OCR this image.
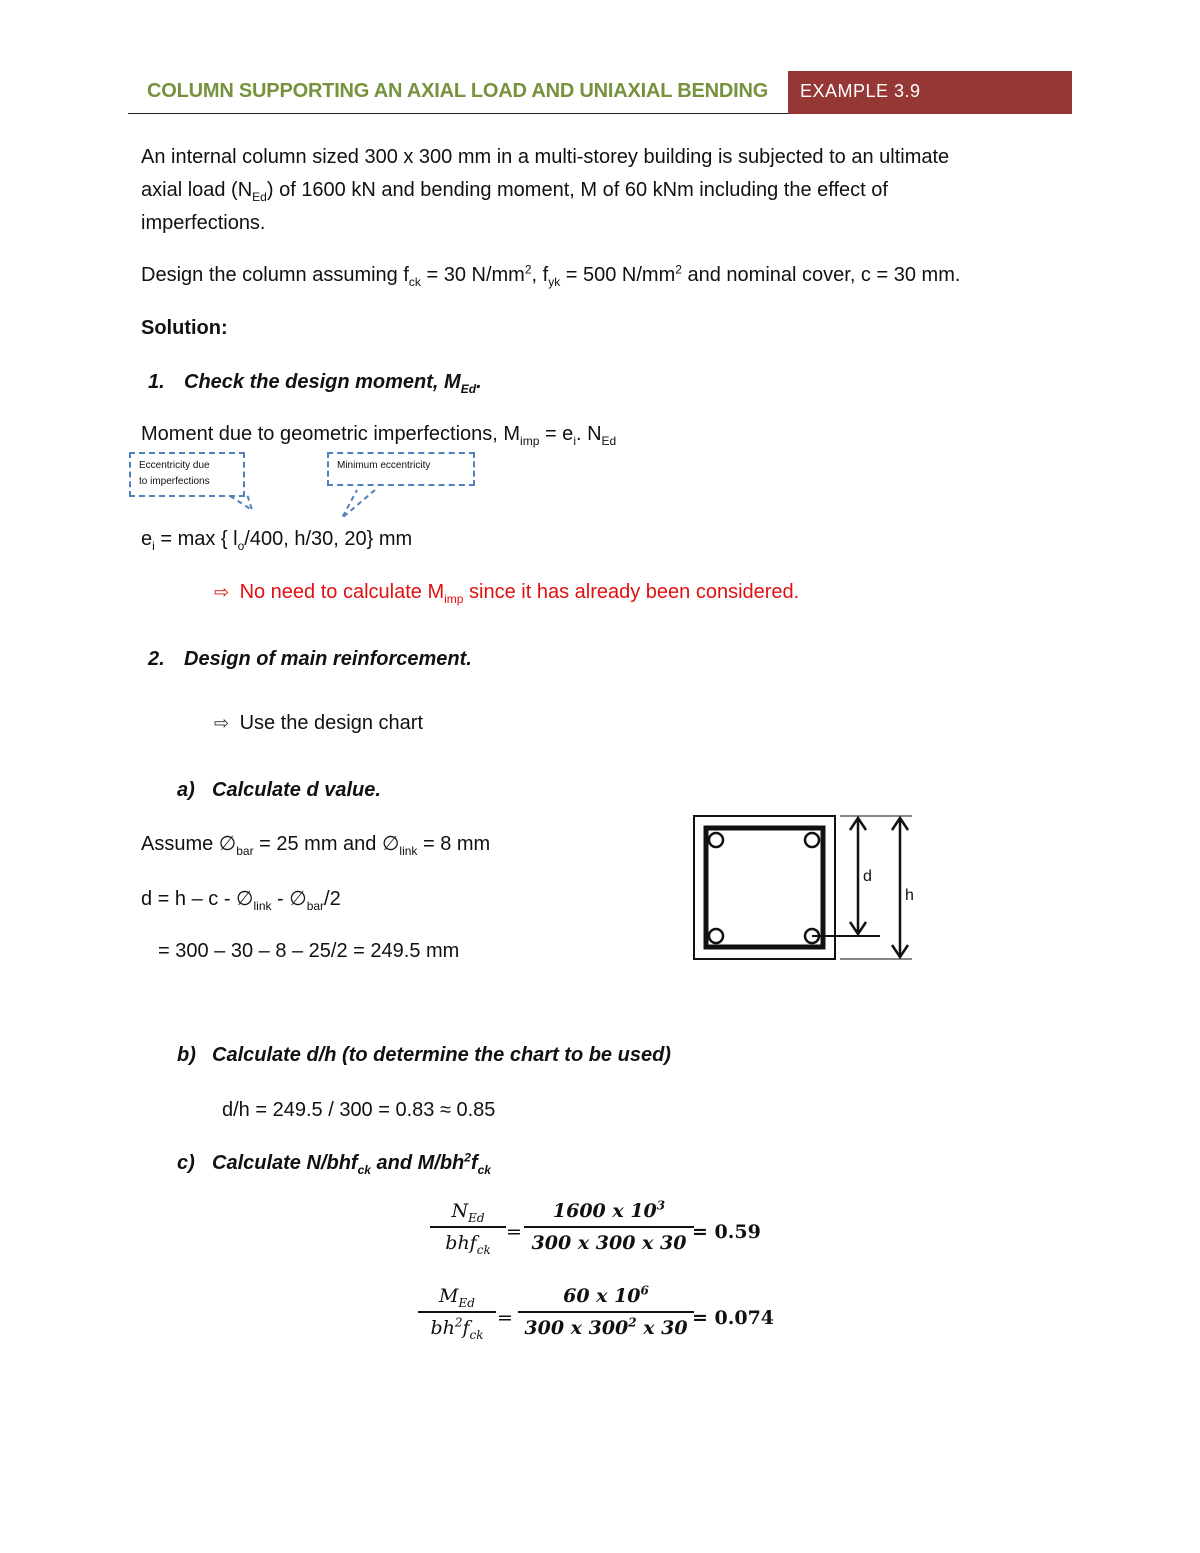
COLUMN SUPPORTING AN AXIAL LOAD AND UNIAXIAL BENDING EXAMPLE 3.9
An internal column sized 300 x 300 mm in a multi-storey building is subjected to an ultimate
axial load $(N_{Ed})$ of 1600 kN and bending moment, M of 60 kNm including the effect of
imperfections.
Design the column assuming $f_{ck} = 30$ $N/mm^2$, $f_{yk} = 500$ $N/mm^2$ and nominal cover, c = 30 mm.
Solution:
1. Check the design moment, $M_{Ed}$.
Moment due to geometric imperfections, $M_{imp} = e_i$. $N_{Ed}$
Eccentricity due
to imperfections
Minimum eccentricity
$e_i = \max$ { $l_o/400$, h/30, 20} mm
⇨ No need to calculate $M_{imp}$ since it has already been considered.
2. Design of main reinforcement.
⇨ Use the design chart
a) Calculate d value.
Assume $\emptyset_{bar} = 25$ mm and $\emptyset_{link} = 8$ mm
$d = h - c - \emptyset_{link}$ - $\emptyset_{bar}/2$
= 300 – 30 – 8 – 25/2 = 249.5 mm
d
h
b) Calculate d/h (to determine the chart to be used)
d/h = 249.5 / 300 = 0.83 ≈ 0.85
c) Calculate N/bhf$_{ck}$ and $M/bh^2f_{ck}$
$N_{Ed}$
bhf$_{ck}$
=
1600 x $10^3$
300 x 300 x 30 = 0.59
$M_{Ed}$
$bh^2f_{ck}$
=
60 x $10^6$
300 x $300^2$ x 30 = 0.074
